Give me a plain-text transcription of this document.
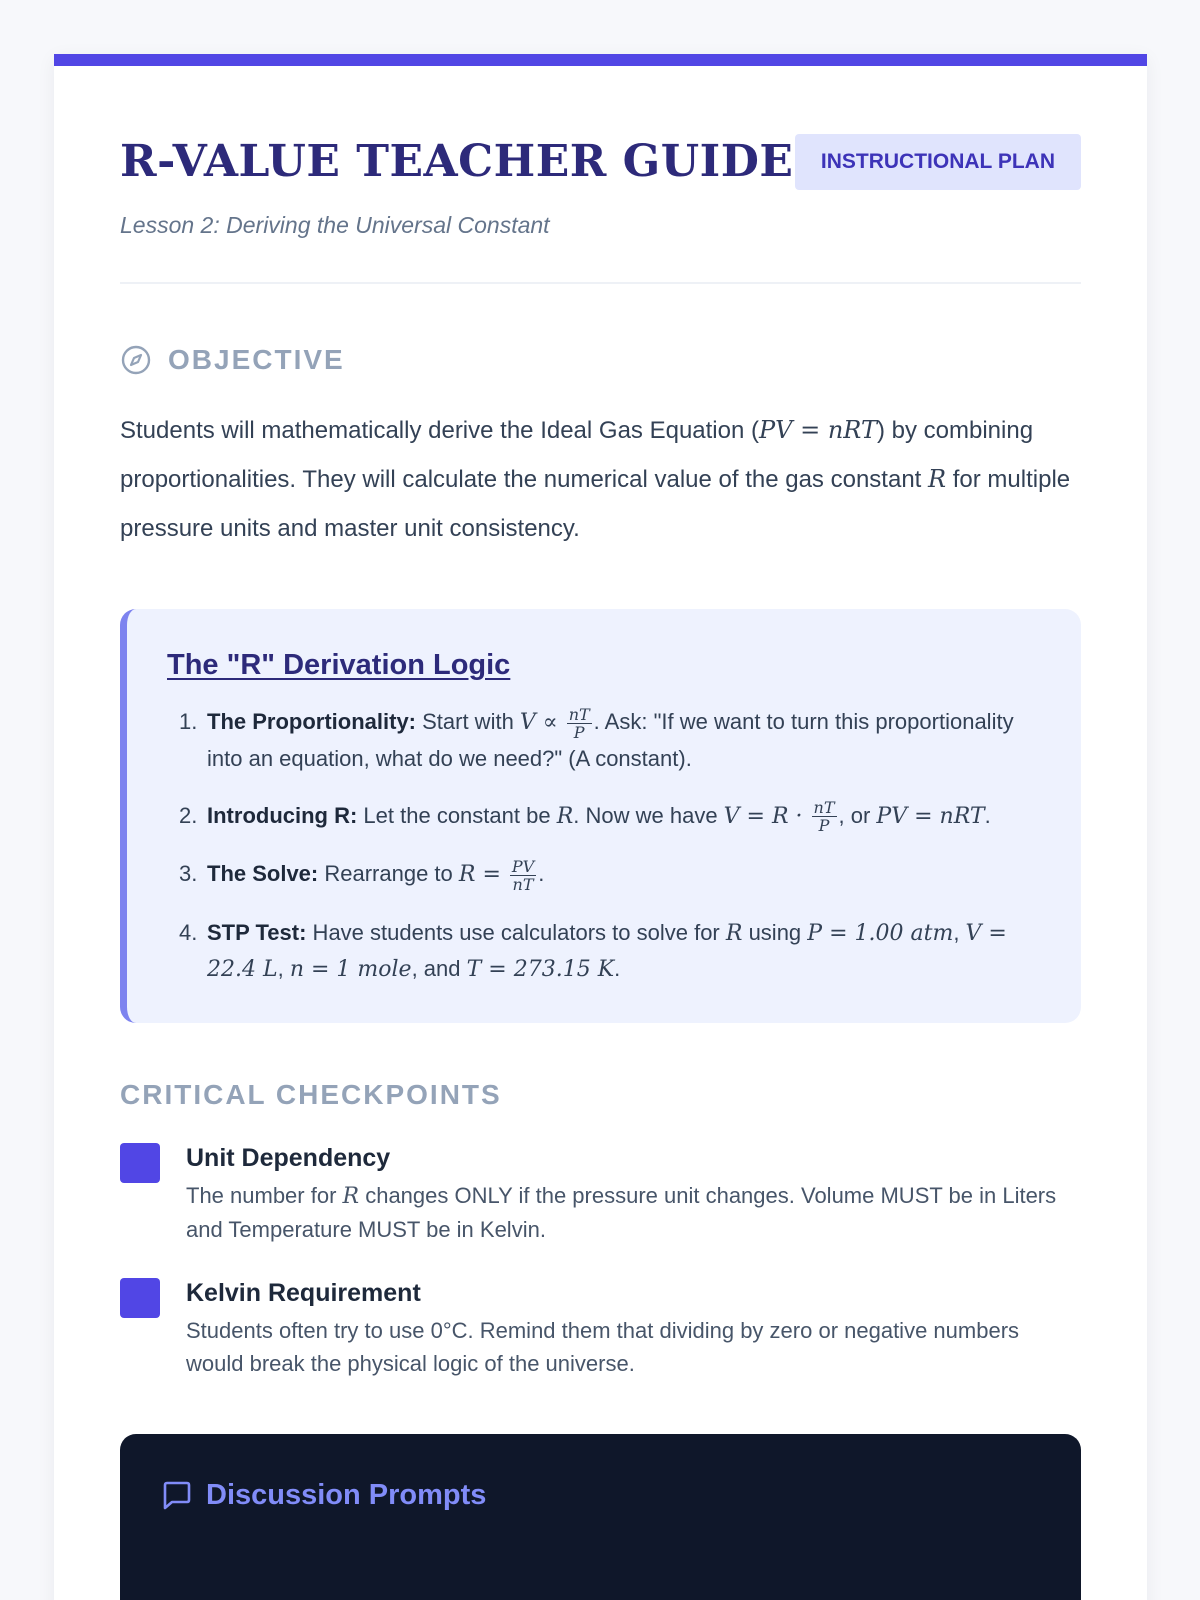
R-VALUE TEACHER GUIDE	INSTRUCTIONAL PLAN
Lesson 2: Deriving the Universal Constant
OBJECTIVE

Students will mathematically derive the Ideal Gas Equation (PV = nRT) by combining proportionalities. They will calculate the numerical value of the gas constant R for multiple pressure units and master unit consistency.

The "R" Derivation Logic
1. The Proportionality: Start with $V \propto \frac{nT}{P}$ . Ask: "If we want to turn this proportionality into an equation, what do we need?" (A constant).
2. Introducing R: Let the constant be R. Now we have $V = R \cdot \frac{nT}{P}$ , or PV = nRT.
3. The Solve: Rearrange to $R = \frac{PV}{nT}$ .
4. STP Test: Have students use calculators to solve for R using P = 1.00 atm, V = 22.4 L, n = 1 mole, and T = 273.15 K.
CRITICAL CHECKPOINTS
Unit Dependency

The number for R changes ONLY if the pressure unit changes. Volume MUST be in Liters and Temperature MUST be in Kelvin.

Kelvin Requirement

Students often try to use 0°C. Remind them that dividing by zero or negative numbers would break the physical logic of the universe.

Discussion Prompts
